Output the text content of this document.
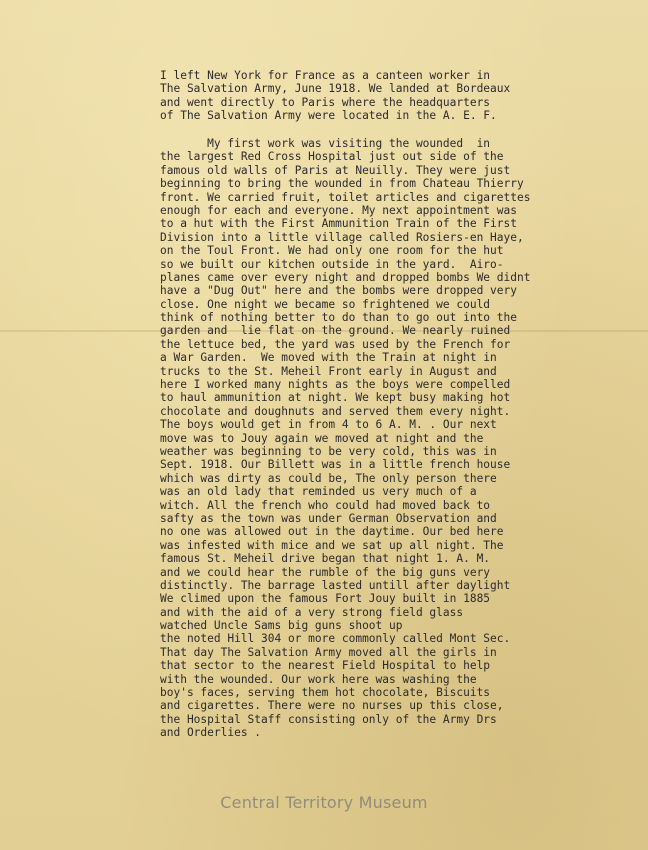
I left New York for France as a canteen worker in
The Salvation Army, June 1918. We landed at Bordeaux
and went directly to Paris where the headquarters
of The Salvation Army were located in the A. E. F.
My first work was visiting the wounded  in
the largest Red Cross Hospital just out side of the
famous old walls of Paris at Neuilly. They were just
beginning to bring the wounded in from Chateau Thierry
front. We carried fruit, toilet articles and cigarettes
enough for each and everyone. My next appointment was
to a hut with the First Ammunition Train of the First
Division into a little village called Rosiers-en Haye,
on the Toul Front. We had only one room for the hut
so we built our kitchen outside in the yard.  Airo-
planes came over every night and dropped bombs We didnt
have a "Dug Out" here and the bombs were dropped very
close. One night we became so frightened we could
think of nothing better to do than to go out into the
garden and  lie flat on the ground. We nearly ruined
the lettuce bed, the yard was used by the French for
a War Garden.  We moved with the Train at night in
trucks to the St. Meheil Front early in August and
here I worked many nights as the boys were compelled
to haul ammunition at night. We kept busy making hot
chocolate and doughnuts and served them every night.
The boys would get in from 4 to 6 A. M. . Our next
move was to Jouy again we moved at night and the
weather was beginning to be very cold, this was in
Sept. 1918. Our Billett was in a little french house
which was dirty as could be, The only person there
was an old lady that reminded us very much of a
witch. All the french who could had moved back to
safty as the town was under German Observation and
no one was allowed out in the daytime. Our bed here
was infested with mice and we sat up all night. The
famous St. Meheil drive began that night 1. A. M.
and we could hear the rumble of the big guns very
distinctly. The barrage lasted untill after daylight
We climed upon the famous Fort Jouy built in 1885
and with the aid of a very strong field glass
watched Uncle Sams big guns shoot up
the noted Hill 304 or more commonly called Mont Sec.
That day The Salvation Army moved all the girls in
that sector to the nearest Field Hospital to help
with the wounded. Our work here was washing the
boy's faces, serving them hot chocolate, Biscuits
and cigarettes. There were no nurses up this close,
the Hospital Staff consisting only of the Army Drs
and Orderlies .
Central Territory Museum
